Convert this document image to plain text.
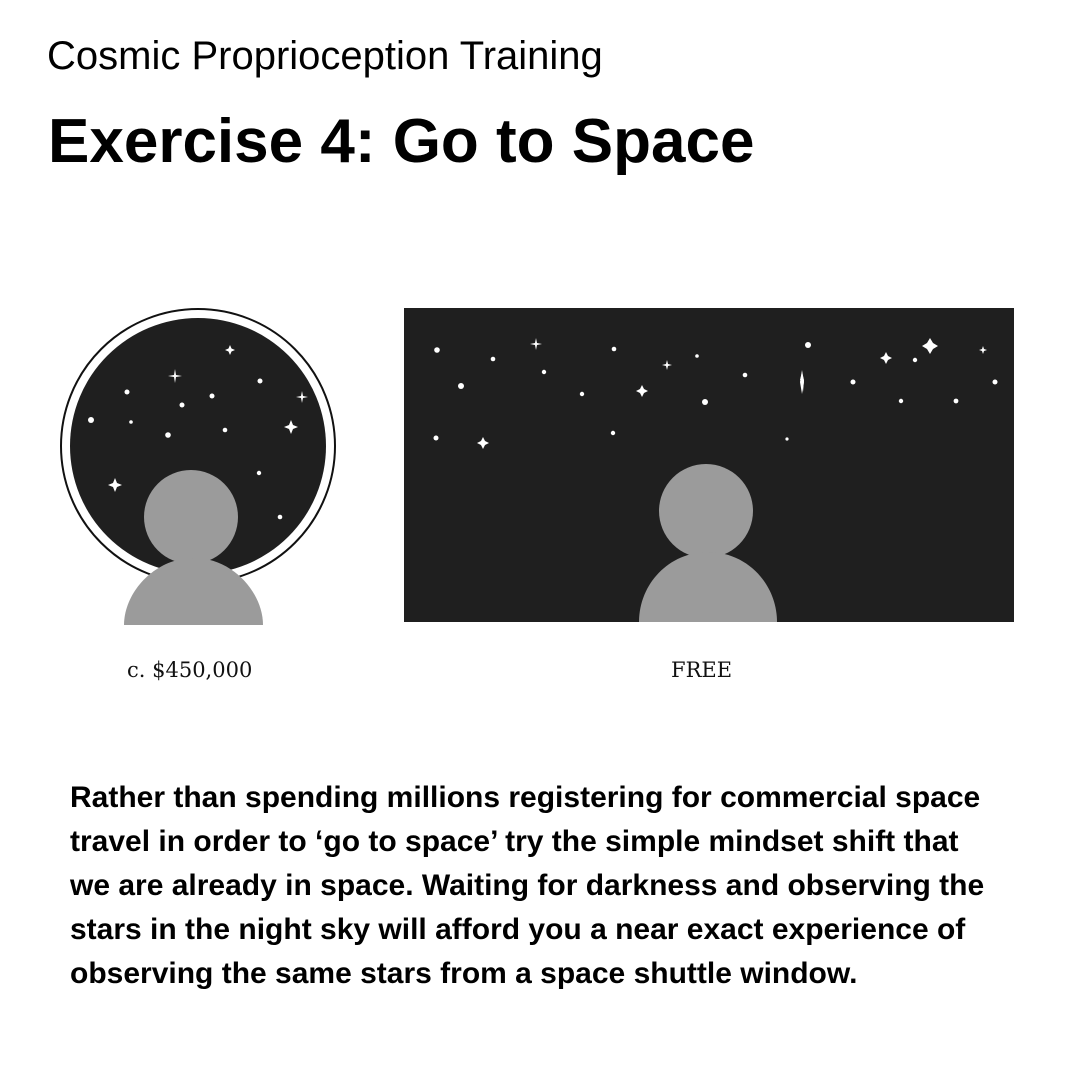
Cosmic Proprioception Training
Exercise 4: Go to Space
c. $450,000	FREE

Rather than spending millions registering for commercial space travel in order to ‘go to space’ try the simple mindset shift that we are already in space. Waiting for darkness and observing the stars in the night sky will afford you a near exact experience of observing the same stars from a space shuttle window.
